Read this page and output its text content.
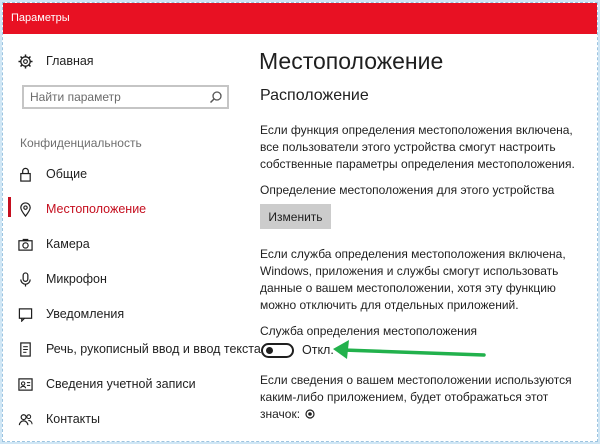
Параметры
Главная
Найти параметр
Конфиденциальность
Общие
Местоположение
Камера
Микрофон
Уведомления
Речь, рукописный ввод и ввод текста
Сведения учетной записи
Контакты
Местоположение
Расположение
Если функция определения местоположения включена, все пользователи этого устройства смогут настроить собственные параметры определения местоположения.
Определение местоположения для этого устройства
Изменить
Если служба определения местоположения включена, Windows, приложения и службы смогут использовать данные о вашем местоположении, хотя эту функцию можно отключить для отдельных приложений.
Служба определения местоположения
Откл.
Если сведения о вашем местоположении используются каким-либо приложением, будет отображаться этот значок:
